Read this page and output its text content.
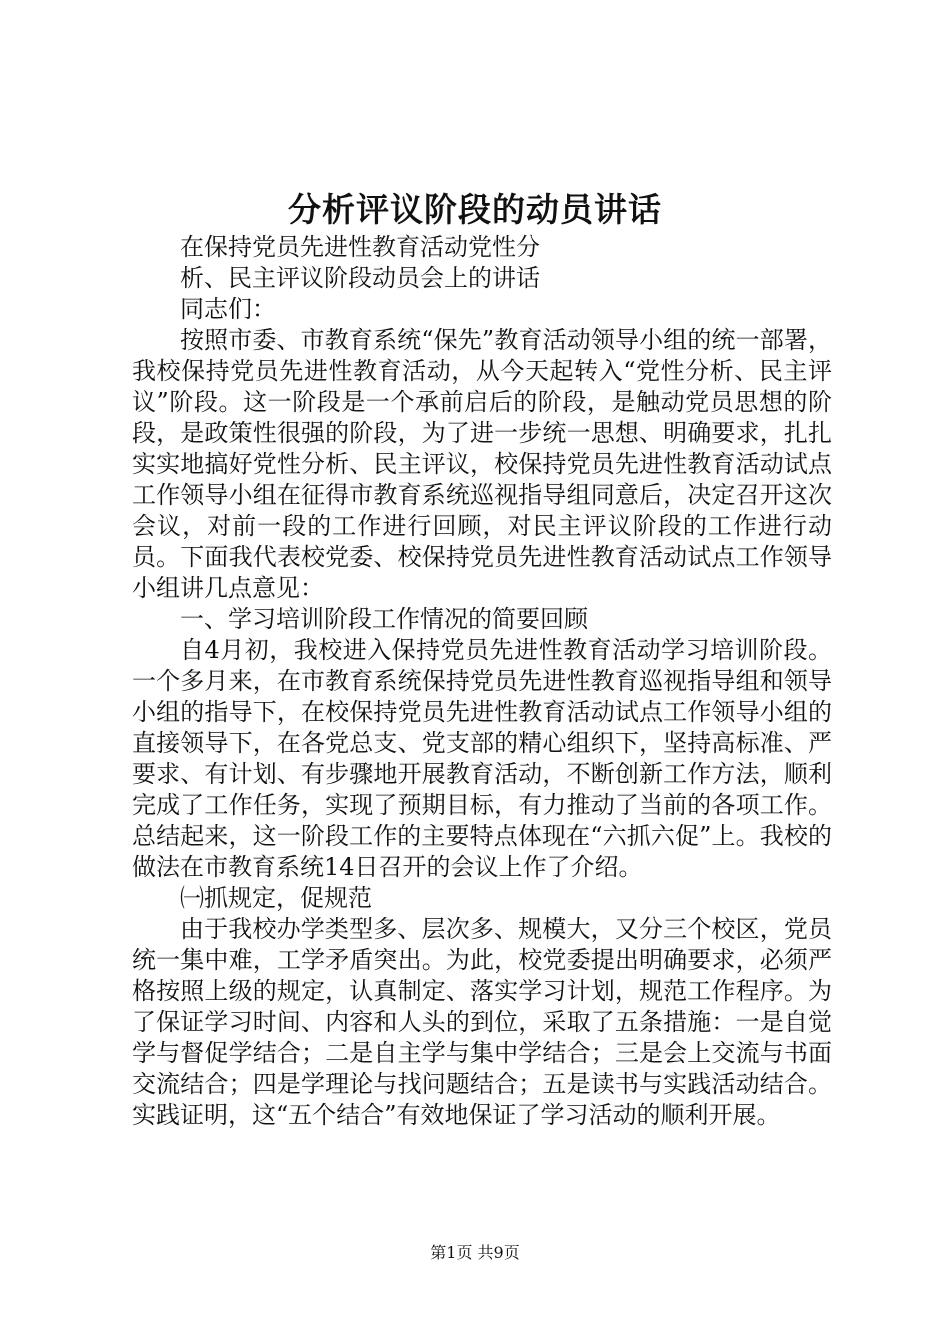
分析评议阶段的动员讲话

在保持党员先进性教育活动党性分

析、民主评议阶段动员会上的讲话

同志们：

按照市委、市教育系统“保先”教育活动领导小组的统一部署，我校保持党员先进性教育活动，从今天起转入“党性分析、民主评议”阶段。这一阶段是一个承前启后的阶段，是触动党员思想的阶段，是政策性很强的阶段，为了进一步统一思想、明确要求，扎扎实实地搞好党性分析、民主评议，校保持党员先进性教育活动试点工作领导小组在征得市教育系统巡视指导组同意后，决定召开这次会议，对前一段的工作进行回顾，对民主评议阶段的工作进行动员。下面我代表校党委、校保持党员先进性教育活动试点工作领导小组讲几点意见：

一、学习培训阶段工作情况的简要回顾

自4月初，我校进入保持党员先进性教育活动学习培训阶段。一个多月来，在市教育系统保持党员先进性教育巡视指导组和领导小组的指导下，在校保持党员先进性教育活动试点工作领导小组的直接领导下，在各党总支、党支部的精心组织下，坚持高标准、严要求、有计划、有步骤地开展教育活动，不断创新工作方法，顺利完成了工作任务，实现了预期目标，有力推动了当前的各项工作。总结起来，这一阶段工作的主要特点体现在“六抓六促”上。我校的做法在市教育系统14日召开的会议上作了介绍。

㈠抓规定，促规范

由于我校办学类型多、层次多、规模大，又分三个校区，党员统一集中难，工学矛盾突出。为此，校党委提出明确要求，必须严格按照上级的规定，认真制定、落实学习计划，规范工作程序。为了保证学习时间、内容和人头的到位，采取了五条措施：一是自觉学与督促学结合；二是自主学与集中学结合；三是会上交流与书面交流结合；四是学理论与找问题结合；五是读书与实践活动结合。实践证明，这“五个结合”有效地保证了学习活动的顺利开展。

第1页 共9页
